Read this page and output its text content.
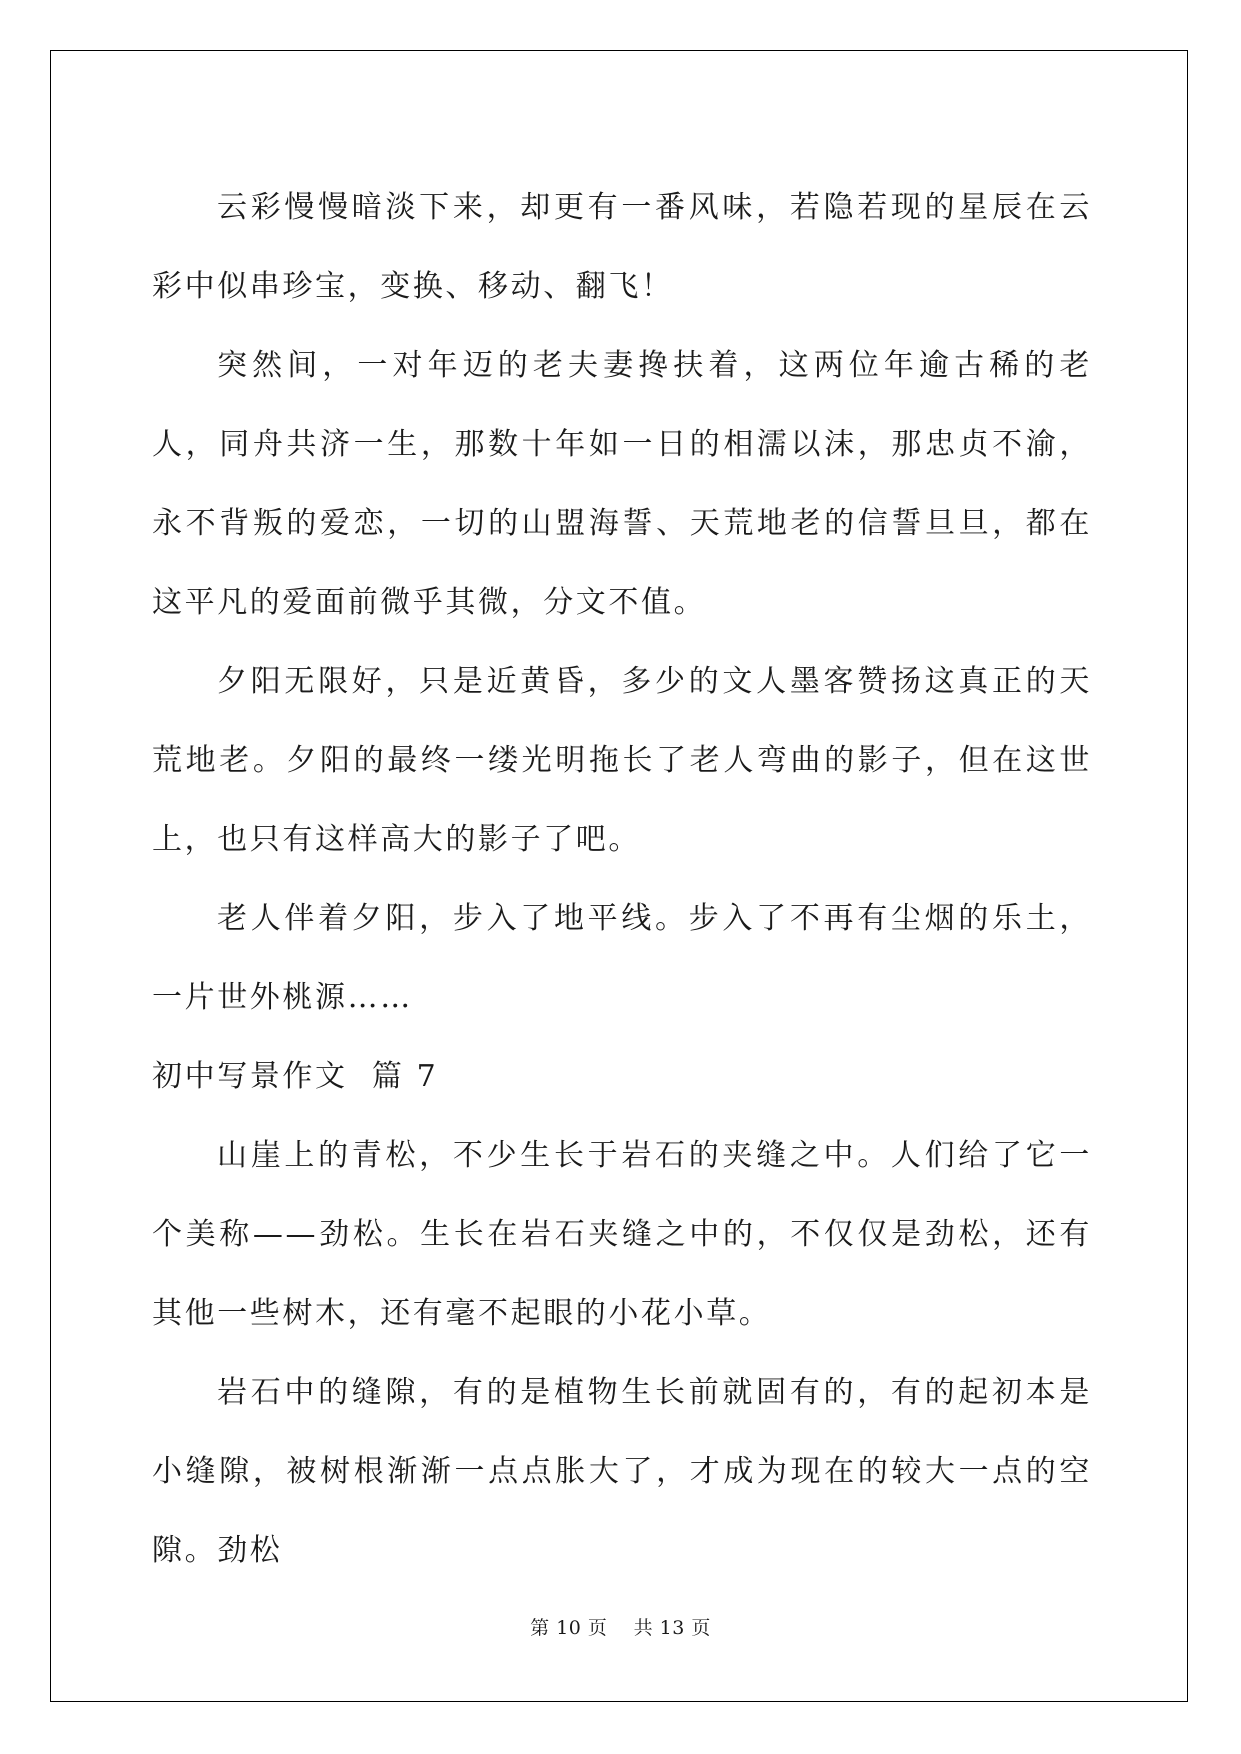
云彩慢慢暗淡下来，却更有一番风味，若隐若现的星辰在云彩中似串珍宝，变换、移动、翻飞！

突然间，一对年迈的老夫妻搀扶着，这两位年逾古稀的老人，同舟共济一生，那数十年如一日的相濡以沫，那忠贞不渝，永不背叛的爱恋，一切的山盟海誓、天荒地老的信誓旦旦，都在这平凡的爱面前微乎其微，分文不值。

夕阳无限好，只是近黄昏，多少的文人墨客赞扬这真正的天荒地老。夕阳的最终一缕光明拖长了老人弯曲的影子，但在这世上，也只有这样高大的影子了吧。

老人伴着夕阳，步入了地平线。步入了不再有尘烟的乐土，一片世外桃源……

初中写景作文  篇 7

山崖上的青松，不少生长于岩石的夹缝之中。人们给了它一个美称——劲松。生长在岩石夹缝之中的，不仅仅是劲松，还有其他一些树木，还有毫不起眼的小花小草。

岩石中的缝隙，有的是植物生长前就固有的，有的起初本是小缝隙，被树根渐渐一点点胀大了，才成为现在的较大一点的空隙。劲松

第 10 页    共 13 页
